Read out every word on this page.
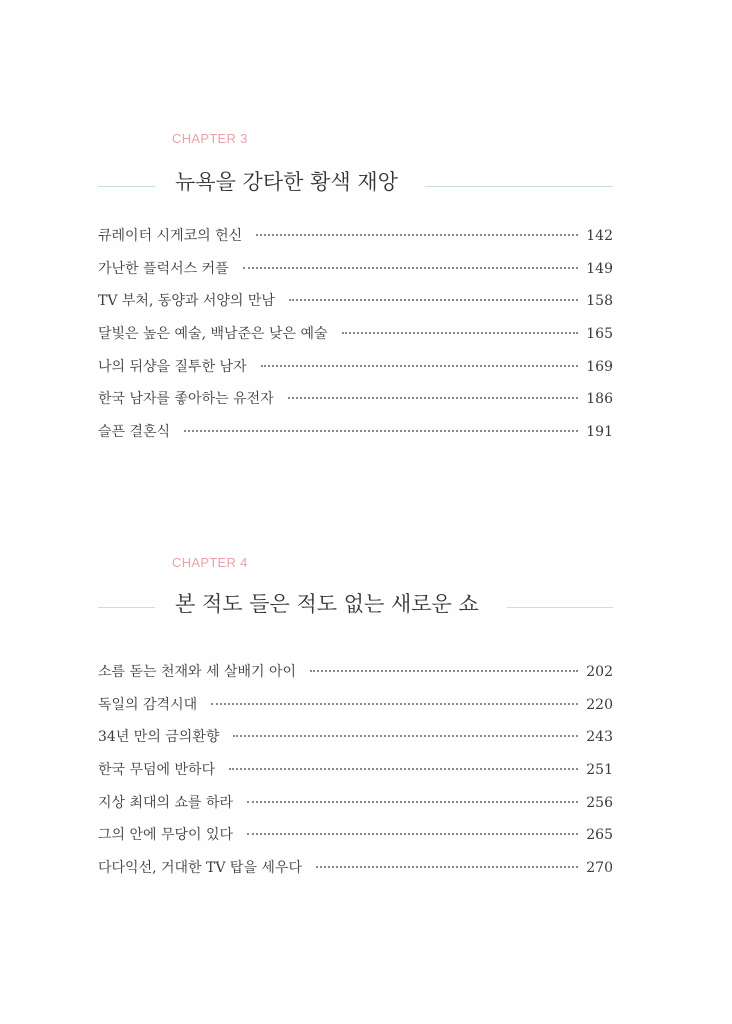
CHAPTER 3
뉴욕을 강타한 황색 재앙
큐레이터 시게코의 헌신	142
가난한 플럭서스 커플	149
TV 부처, 동양과 서양의 만남	158
달빛은 높은 예술, 백남준은 낮은 예술	165
나의 뒤샹을 질투한 남자	169
한국 남자를 좋아하는 유전자	186
슬픈 결혼식	191
CHAPTER 4
본 적도 들은 적도 없는 새로운 쇼
소름 돋는 천재와 세 살배기 아이	202
독일의 감격시대	220
34년 만의 금의환향	243
한국 무덤에 반하다	251
지상 최대의 쇼를 하라	256
그의 안에 무당이 있다	265
다다익선, 거대한 TV 탑을 세우다	270
